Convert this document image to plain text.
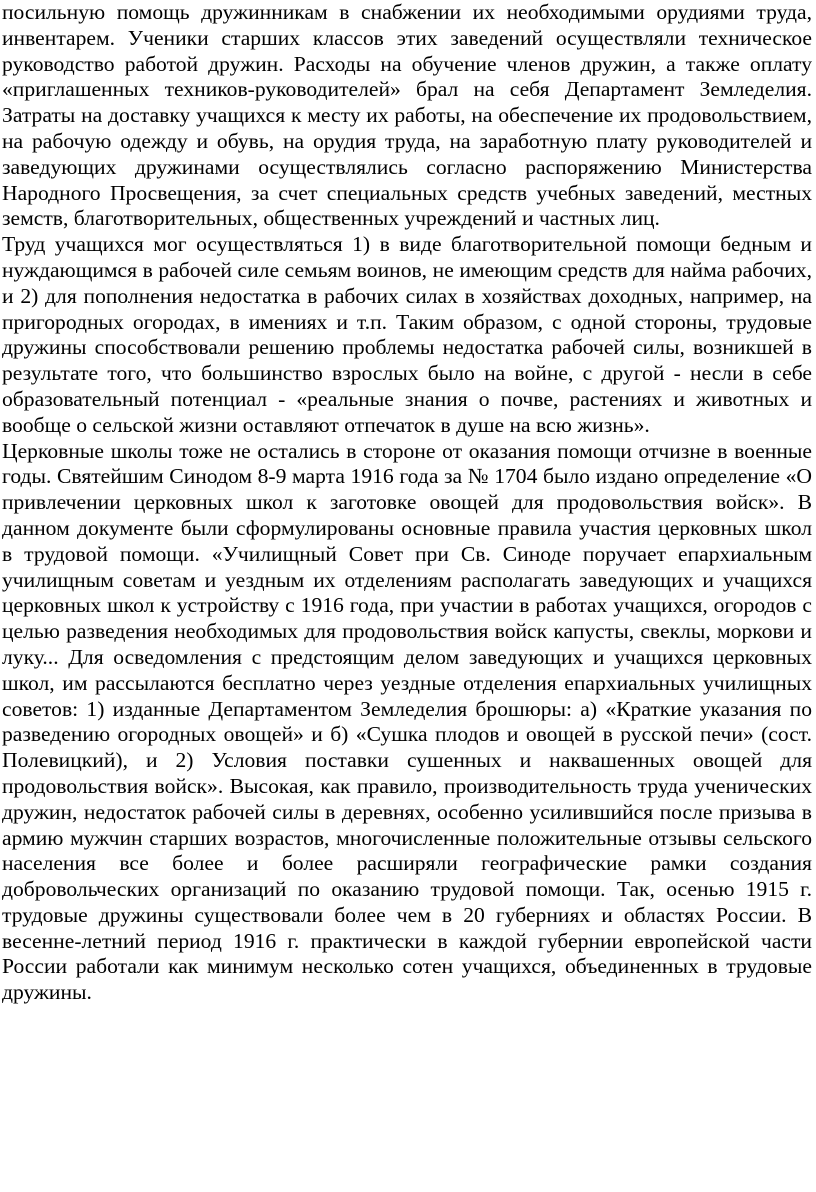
посильную помощь дружинникам в снабжении их необходимыми орудиями труда, инвентарем. Ученики старших классов этих заведений осуществляли техническое руководство работой дружин. Расходы на обучение членов дружин, а также оплату «приглашенных техников-руководителей» брал на себя Департамент Земледелия. Затраты на доставку учащихся к месту их работы, на обеспечение их продовольствием, на рабочую одежду и обувь, на орудия труда, на заработную плату руководителей и заведующих дружинами осуществлялись согласно распоряжению Министерства Народного Просвещения, за счет специальных средств учебных заведений, местных земств, благотворительных, общественных учреждений и частных лиц.

Труд учащихся мог осуществляться 1) в виде благотворительной помощи бедным и нуждающимся в рабочей силе семьям воинов, не имеющим средств для найма рабочих, и 2) для пополнения недостатка в рабочих силах в хозяйствах доходных, например, на пригородных огородах, в имениях и т.п. Таким образом, с одной стороны, трудовые дружины способствовали решению проблемы недостатка рабочей силы, возникшей в результате того, что большинство взрослых было на войне, с другой - несли в себе образовательный потенциал - «реальные знания о почве, растениях и животных и вообще о сельской жизни оставляют отпечаток в душе на всю жизнь».

Церковные школы тоже не остались в стороне от оказания помощи отчизне в военные годы. Святейшим Синодом 8-9 марта 1916 года за № 1704 было издано определение «О привлечении церковных школ к заготовке овощей для продовольствия войск». В данном документе были сформулированы основные правила участия церковных школ в трудовой помощи. «Училищный Совет при Св. Синоде поручает епархиальным училищным советам и уездным их отделениям располагать заведующих и учащихся церковных школ к устройству с 1916 года, при участии в работах учащихся, огородов с целью разведения необходимых для продовольствия войск капусты, свеклы, моркови и луку... Для осведомления с предстоящим делом заведующих и учащихся церковных школ, им рассылаются бесплатно через уездные отделения епархиальных училищных советов: 1) изданные Департаментом Земледелия брошюры: а) «Краткие указания по разведению огородных овощей» и б) «Сушка плодов и овощей в русской печи» (сост. Полевицкий), и 2) Условия поставки сушенных и наквашенных овощей для продовольствия войск». Высокая, как правило, производительность труда ученических дружин, недостаток рабочей силы в деревнях, особенно усилившийся после призыва в армию мужчин старших возрастов, многочисленные положительные отзывы сельского населения все более и более расширяли географические рамки создания добровольческих организаций по оказанию трудовой помощи. Так, осенью 1915 г. трудовые дружины существовали более чем в 20 губерниях и областях России. В весенне-летний период 1916 г. практически в каждой губернии европейской части России работали как минимум несколько сотен учащихся, объединенных в трудовые дружины.
